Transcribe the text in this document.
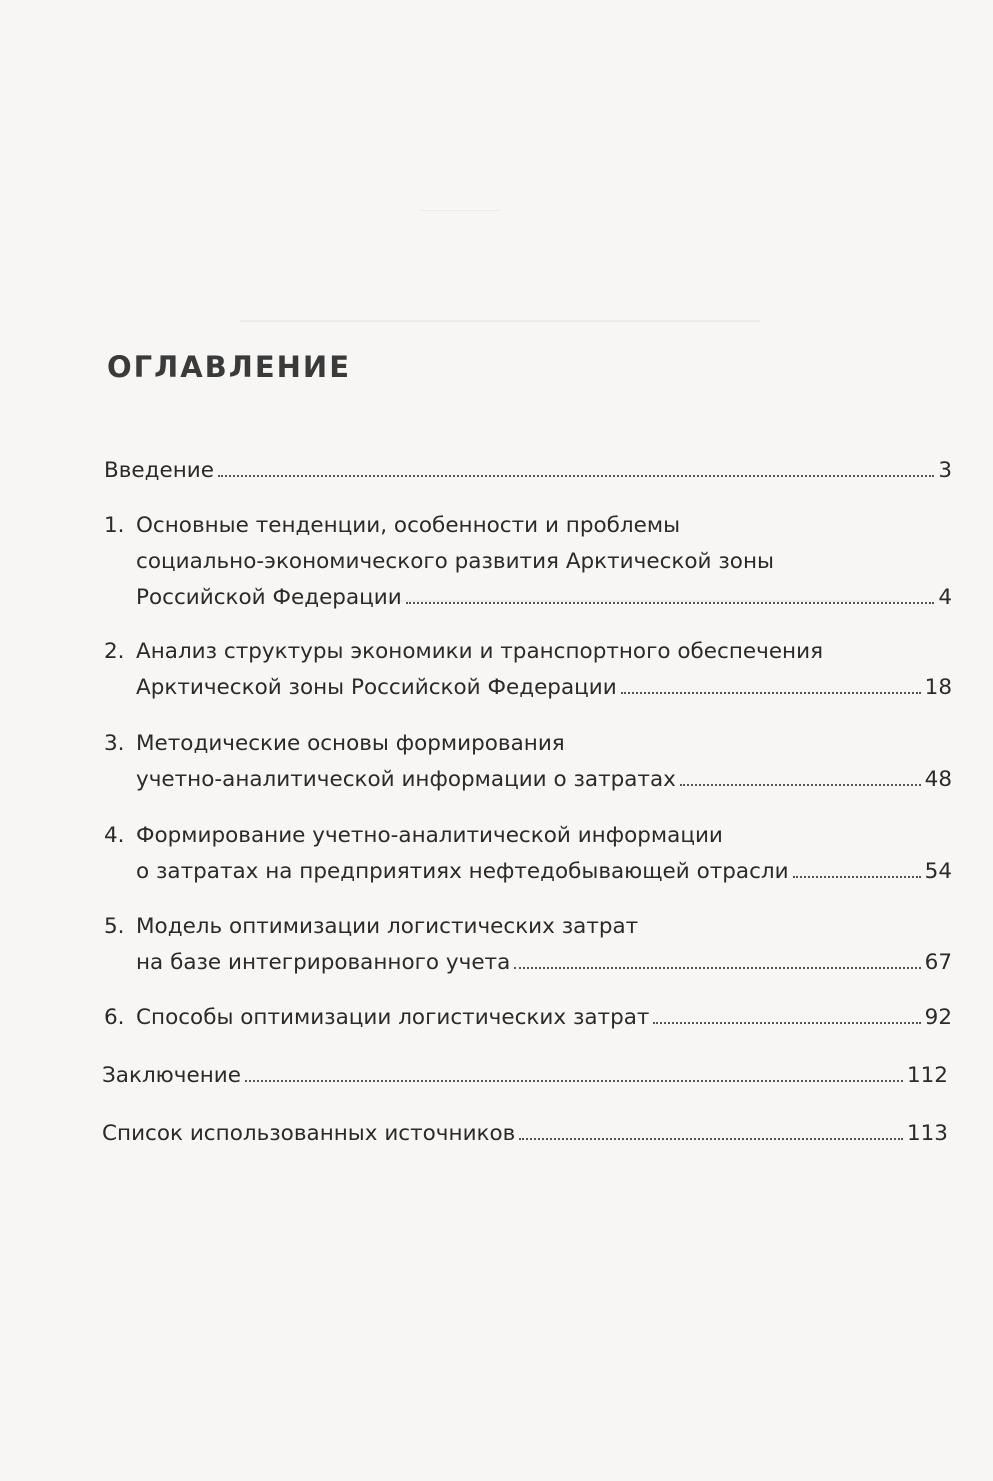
ОГЛАВЛЕНИЕ
Введение	3
1. Основные тенденции, особенности и проблемы
социально-экономического развития Арктической зоны
Российской Федерации	4
2. Анализ структуры экономики и транспортного обеспечения
Арктической зоны Российской Федерации	18
3. Методические основы формирования
учетно-аналитической информации о затратах	48
4. Формирование учетно-аналитической информации
о затратах на предприятиях нефтедобывающей отрасли	54
5. Модель оптимизации логистических затрат
на базе интегрированного учета	67
6. Способы оптимизации логистических затрат	92
Заключение	112
Список использованных источников	113
